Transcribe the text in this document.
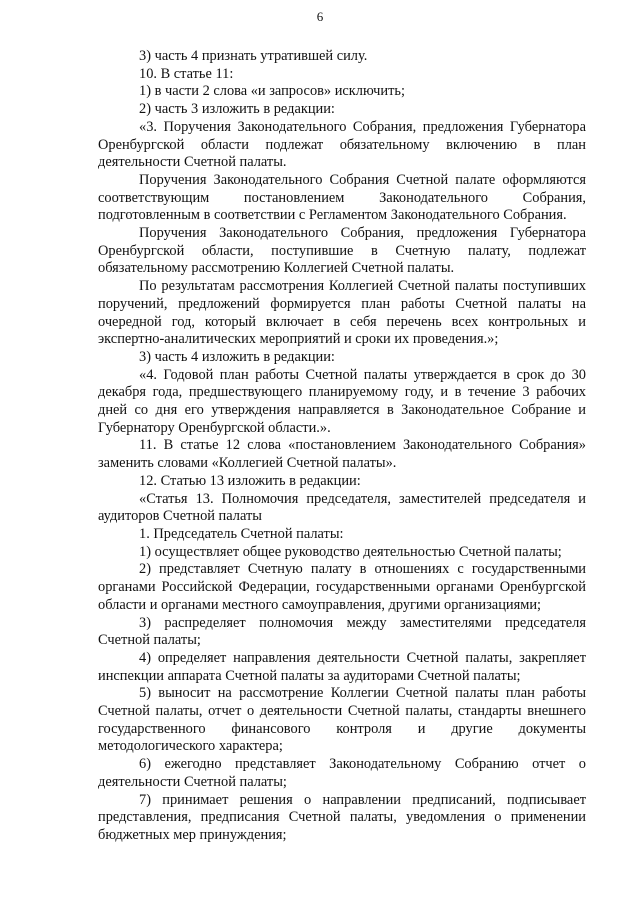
6

3) часть 4 признать утратившей силу.

10. В статье 11:

1) в части 2 слова «и запросов» исключить;

2) часть 3 изложить в редакции:

«3. Поручения Законодательного Собрания, предложения Губернатора Оренбургской области подлежат обязательному включению в план деятельности Счетной палаты.

Поручения Законодательного Собрания Счетной палате оформляются соответствующим постановлением Законодательного Собрания, подготовленным в соответствии с Регламентом Законодательного Собрания.

Поручения Законодательного Собрания, предложения Губернатора Оренбургской области, поступившие в Счетную палату, подлежат обязательному рассмотрению Коллегией Счетной палаты.

По результатам рассмотрения Коллегией Счетной палаты поступивших поручений, предложений формируется план работы Счетной палаты на очередной год, который включает в себя перечень всех контрольных и экспертно-аналитических мероприятий и сроки их проведения.»;

3) часть 4 изложить в редакции:

«4. Годовой план работы Счетной палаты утверждается в срок до 30 декабря года, предшествующего планируемому году, и в течение 3 рабочих дней со дня его утверждения направляется в Законодательное Собрание и Губернатору Оренбургской области.».

11. В статье 12 слова «постановлением Законодательного Собрания» заменить словами «Коллегией Счетной палаты».

12. Статью 13 изложить в редакции:

«Статья 13. Полномочия председателя, заместителей председателя и аудиторов Счетной палаты

1. Председатель Счетной палаты:

1) осуществляет общее руководство деятельностью Счетной палаты;

2) представляет Счетную палату в отношениях с государственными органами Российской Федерации, государственными органами Оренбургской области и органами местного самоуправления, другими организациями;

3) распределяет полномочия между заместителями председателя Счетной палаты;

4) определяет направления деятельности Счетной палаты, закрепляет инспекции аппарата Счетной палаты за аудиторами Счетной палаты;

5) выносит на рассмотрение Коллегии Счетной палаты план работы Счетной палаты, отчет о деятельности Счетной палаты, стандарты внешнего государственного финансового контроля и другие документы методологического характера;

6) ежегодно представляет Законодательному Собранию отчет о деятельности Счетной палаты;

7) принимает решения о направлении предписаний, подписывает представления, предписания Счетной палаты, уведомления о применении бюджетных мер принуждения;
